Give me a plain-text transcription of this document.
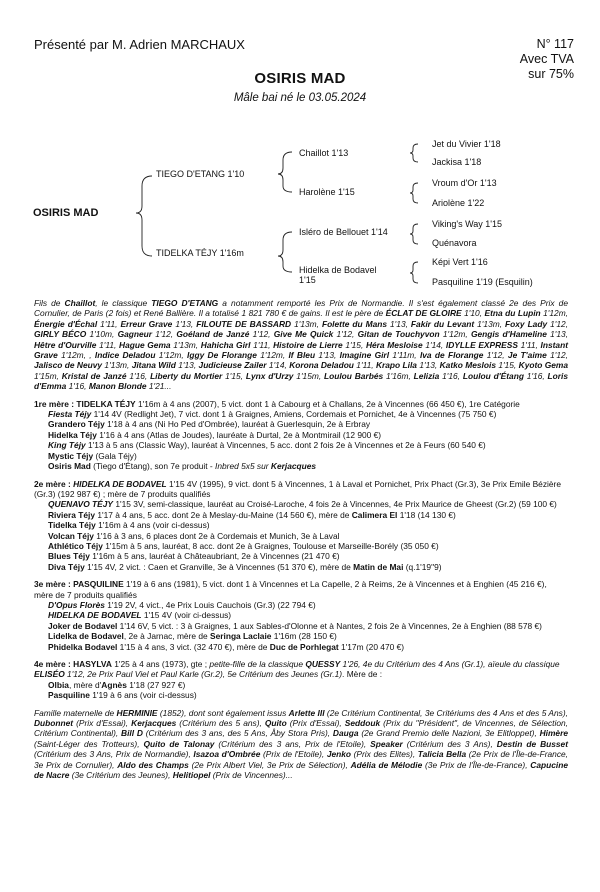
Présenté par M. Adrien MARCHAUX	N° 117
Avec TVA
sur 75%
OSIRIS MAD
Mâle bai né le 03.05.2024
OSIRIS MAD
TIEGO D'ETANG 1'10
TIDELKA TÉJY 1'16m
Chaillot 1'13
Harolène 1'15
Isléro de Bellouet 1'14
Hidelka de Bodavel
1'15
Jet du Vivier 1'18
Jackisa 1'18
Vroum d'Or 1'13
Ariolène 1'22
Viking's Way 1'15
Quénavora
Képi Vert 1'16
Pasquiline 1'19 (Esquilin)
Fils de Chaillot, le classique TIEGO D'ETANG a notamment remporté les Prix de Normandie. Il s'est également classé 2e des Prix de Cornulier, de Paris (2 fois) et René Ballière. Il a totalisé 1 821 780 € de gains. Il est le père de ÉCLAT DE GLOIRE 1'10, Etna du Lupin 1'12m, Énergie d'Échal 1'11, Erreur Grave 1'13, FILOUTE DE BASSARD 1'13m, Folette du Mans 1'13, Fakir du Levant 1'13m, Foxy Lady 1'12, GIRLY BÉCO 1'10m, Gagneur 1'12, Goéland de Janzé 1'12, Give Me Quick 1'12, Gitan de Touchyvon 1'12m, Gengis d'Hameline 1'13, Hêtre d'Ourville 1'11, Hague Gema 1'13m, Hahicha Girl 1'11, Histoire de Lierre 1'15, Héra Mesloise 1'14, IDYLLE EXPRESS 1'11, Instant Grave 1'12m, , Indice Deladou 1'12m, Iggy De Florange 1'12m, If Bleu 1'13, Imagine Girl 1'11m, Iva de Florange 1'12, Je T'aime 1'12, Jalisco de Neuvy 1'13m, Jitana Wild 1'13, Judicieuse Zailer 1'14, Korona Deladou 1'11, Krapo Lila 1'13, Katko Meslois 1'15, Kyoto Gema 1'15m, Kristal de Janzé 1'16, Liberty du Mortier 1'15, Lynx d'Urzy 1'15m, Loulou Barbés 1'16m, Lelizia 1'16, Loulou d'Étang 1'16, Loris d'Emma 1'16, Manon Blonde 1'21...
1re mère : TIDELKA TÉJY 1'16m à 4 ans (2007), 5 vict. dont 1 à Cabourg et à Challans, 2e à Vincennes (66 450 €), 1re Catégorie
Fiesta Téjy 1'14 4V (Redlight Jet), 7 vict. dont 1 à Graignes, Amiens, Cordemais et Pornichet, 4e à Vincennes (75 750 €)
Grandero Téjy 1'18 à 4 ans (Ni Ho Ped d'Ombrée), lauréat à Guerlesquin, 2e à Erbray
Hidelka Téjy 1'16 à 4 ans (Atlas de Joudes), lauréate à Durtal, 2e à Montmirail (12 900 €)
King Téjy 1'13 à 5 ans (Classic Way), lauréat à Vincennes, 5 acc. dont 2 fois 2e à Vincennes et 2e à Feurs (60 540 €)
Mystic Téjy (Gala Téjy)
Osiris Mad (Tiego d'Étang), son 7e produit - Inbred 5x5 sur Kerjacques
2e mère : HIDELKA DE BODAVEL 1'15 4V (1995), 9 vict. dont 5 à Vincennes, 1 à Laval et Pornichet, Prix Phact (Gr.3), 3e Prix Emile Bézière (Gr.3) (192 987 €) ; mère de 7 produits qualifiés
QUENAVO TÉJY 1'15 3V, semi-classique, lauréat au Croisé-Laroche, 4 fois 2e à Vincennes, 4e Prix Maurice de Gheest (Gr.2) (59 100 €)
Riviera Téjy 1'17 à 4 ans, 5 acc. dont 2e à Meslay-du-Maine (14 560 €), mère de Calimera El 1'18 (14 130 €)
Tidelka Téjy 1'16m à 4 ans (voir ci-dessus)
Volcan Téjy 1'16 à 3 ans, 6 places dont 2e à Cordemais et Munich, 3e à Laval
Athlético Téjy 1'15m à 5 ans, lauréat, 8 acc. dont 2e à Graignes, Toulouse et Marseille-Borély (35 050 €)
Blues Téjy 1'16m à 5 ans, lauréat à Châteaubriant, 2e à Vincennes (21 470 €)
Diva Téjy 1'15 4V, 2 vict. : Caen et Granville, 3e à Vincennes (51 370 €), mère de Matin de Mai (q.1'19"9)
3e mère : PASQUILINE 1'19 à 6 ans (1981), 5 vict. dont 1 à Vincennes et La Capelle, 2 à Reims, 2e à Vincennes et à Enghien (45 216 €), mère de 7 produits qualifiés
D'Opus Florès 1'19 2V, 4 vict., 4e Prix Louis Cauchois (Gr.3) (22 794 €)
HIDELKA DE BODAVEL 1'15 4V (voir ci-dessus)
Joker de Bodavel 1'14 6V, 5 vict. : 3 à Graignes, 1 aux Sables-d'Olonne et à Nantes, 2 fois 2e à Vincennes, 2e à Enghien (88 578 €)
Lidelka de Bodavel, 2e à Jarnac, mère de Seringa Laclaie 1'16m (28 150 €)
Phidelka Bodavel 1'15 à 4 ans, 3 vict. (32 470 €), mère de Duc de Porhlegat 1'17m (20 470 €)
4e mère : HASYLVA 1'25 à 4 ans (1973), gte ; petite-fille de la classique QUESSY 1'26, 4e du Critérium des 4 Ans (Gr.1), aïeule du classique ELISÉO 1'12, 2e Prix Paul Viel et Paul Karle (Gr.2), 5e Critérium des Jeunes (Gr.1). Mère de :
Olbia, mère d'Agnès 1'18 (27 927 €)
Pasquiline 1'19 à 6 ans (voir ci-dessus)
Famille maternelle de HERMINIE (1852), dont sont également issus Arlette III (2e Critérium Continental, 3e Critériums des 4 Ans et des 5 Ans), Dubonnet (Prix d'Essai), Kerjacques (Critérium des 5 ans), Quito (Prix d'Essai), Seddouk (Prix du "Président", de Vincennes, de Sélection, Critérium Continental), Bill D (Critérium des 3 ans, des 5 Ans, Åby Stora Pris), Dauga (2e Grand Premio delle Nazioni, 3e Elitloppet), Himère (Saint-Léger des Trotteurs), Quito de Talonay (Critérium des 3 ans, Prix de l'Etoile), Speaker (Critérium des 3 Ans), Destin de Busset (Critérium des 3 Ans, Prix de Normandie), Isazoa d'Ombrée (Prix de l'Etoile), Jenko (Prix des Elites), Talicia Bella (2e Prix de l'Île-de-France, 3e Prix de Cornulier), Aldo des Champs (2e Prix Albert Viel, 3e Prix de Sélection), Adélia de Mélodie (3e Prix de l'Île-de-France), Capucine de Nacre (3e Critérium des Jeunes), Helitiopel (Prix de Vincennes)...
